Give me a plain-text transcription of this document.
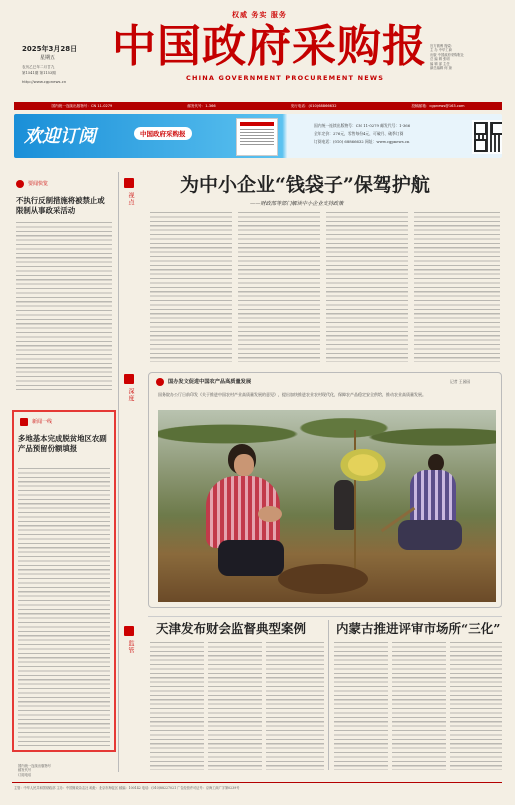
权威 务实 服务
中国政府采购报
CHINA GOVERNMENT PROCUREMENT NEWS
2025年3月28日
星期五
农历乙巳年二月廿九
第1541期 第1153期
http://www.cgpnews.cn
官方微博 搜索：
主 办 中华工商
出版 中国政府采购报社
总 编 辑 张明
编 辑 部 主任
副总编辑 何 琼
国内统一连续出版物号：CN 11-0279	邮发代号：1-366	发行电话：(010)68866632	投稿邮箱：cgpnews@163.com
欢迎订阅	中国政府采购报
国内统一连续出版物号：CN 11-0279 邮发代号：1-366
全年定价：276元，零售每份4元，可破月、破季订阅
订阅电话：(010) 68866632 网址：www.cgpnews.cn
要闻快览
不执行反制措施将被禁止或限制从事政采活动
新闻一线
多地基本完成脱贫地区农副产品预留份额填报
国内统一连续出版物号
邮发代号
订阅电话
视点
深度
监管
为中小企业“钱袋子”保驾护航
——财政部等部门解读中小企业支持政策
国办发文促进中国农产品高质量发展	记者 王园园
国务院办公厅日前印发《关于推进中国农村产业高质量发展的意见》，提出加快推进农业农村现代化，保障农产品稳定安全供给，推动农业高质量发展。
天津发布财会监督典型案例 内蒙古推进评审市场所“三化”
主管：中华人民共和国财政部 主办：中国财政杂志社 地址：北京市海淀区 邮编：100142 电话：(010)88227021 广告经营许可证号：京海工商广字第0239号
